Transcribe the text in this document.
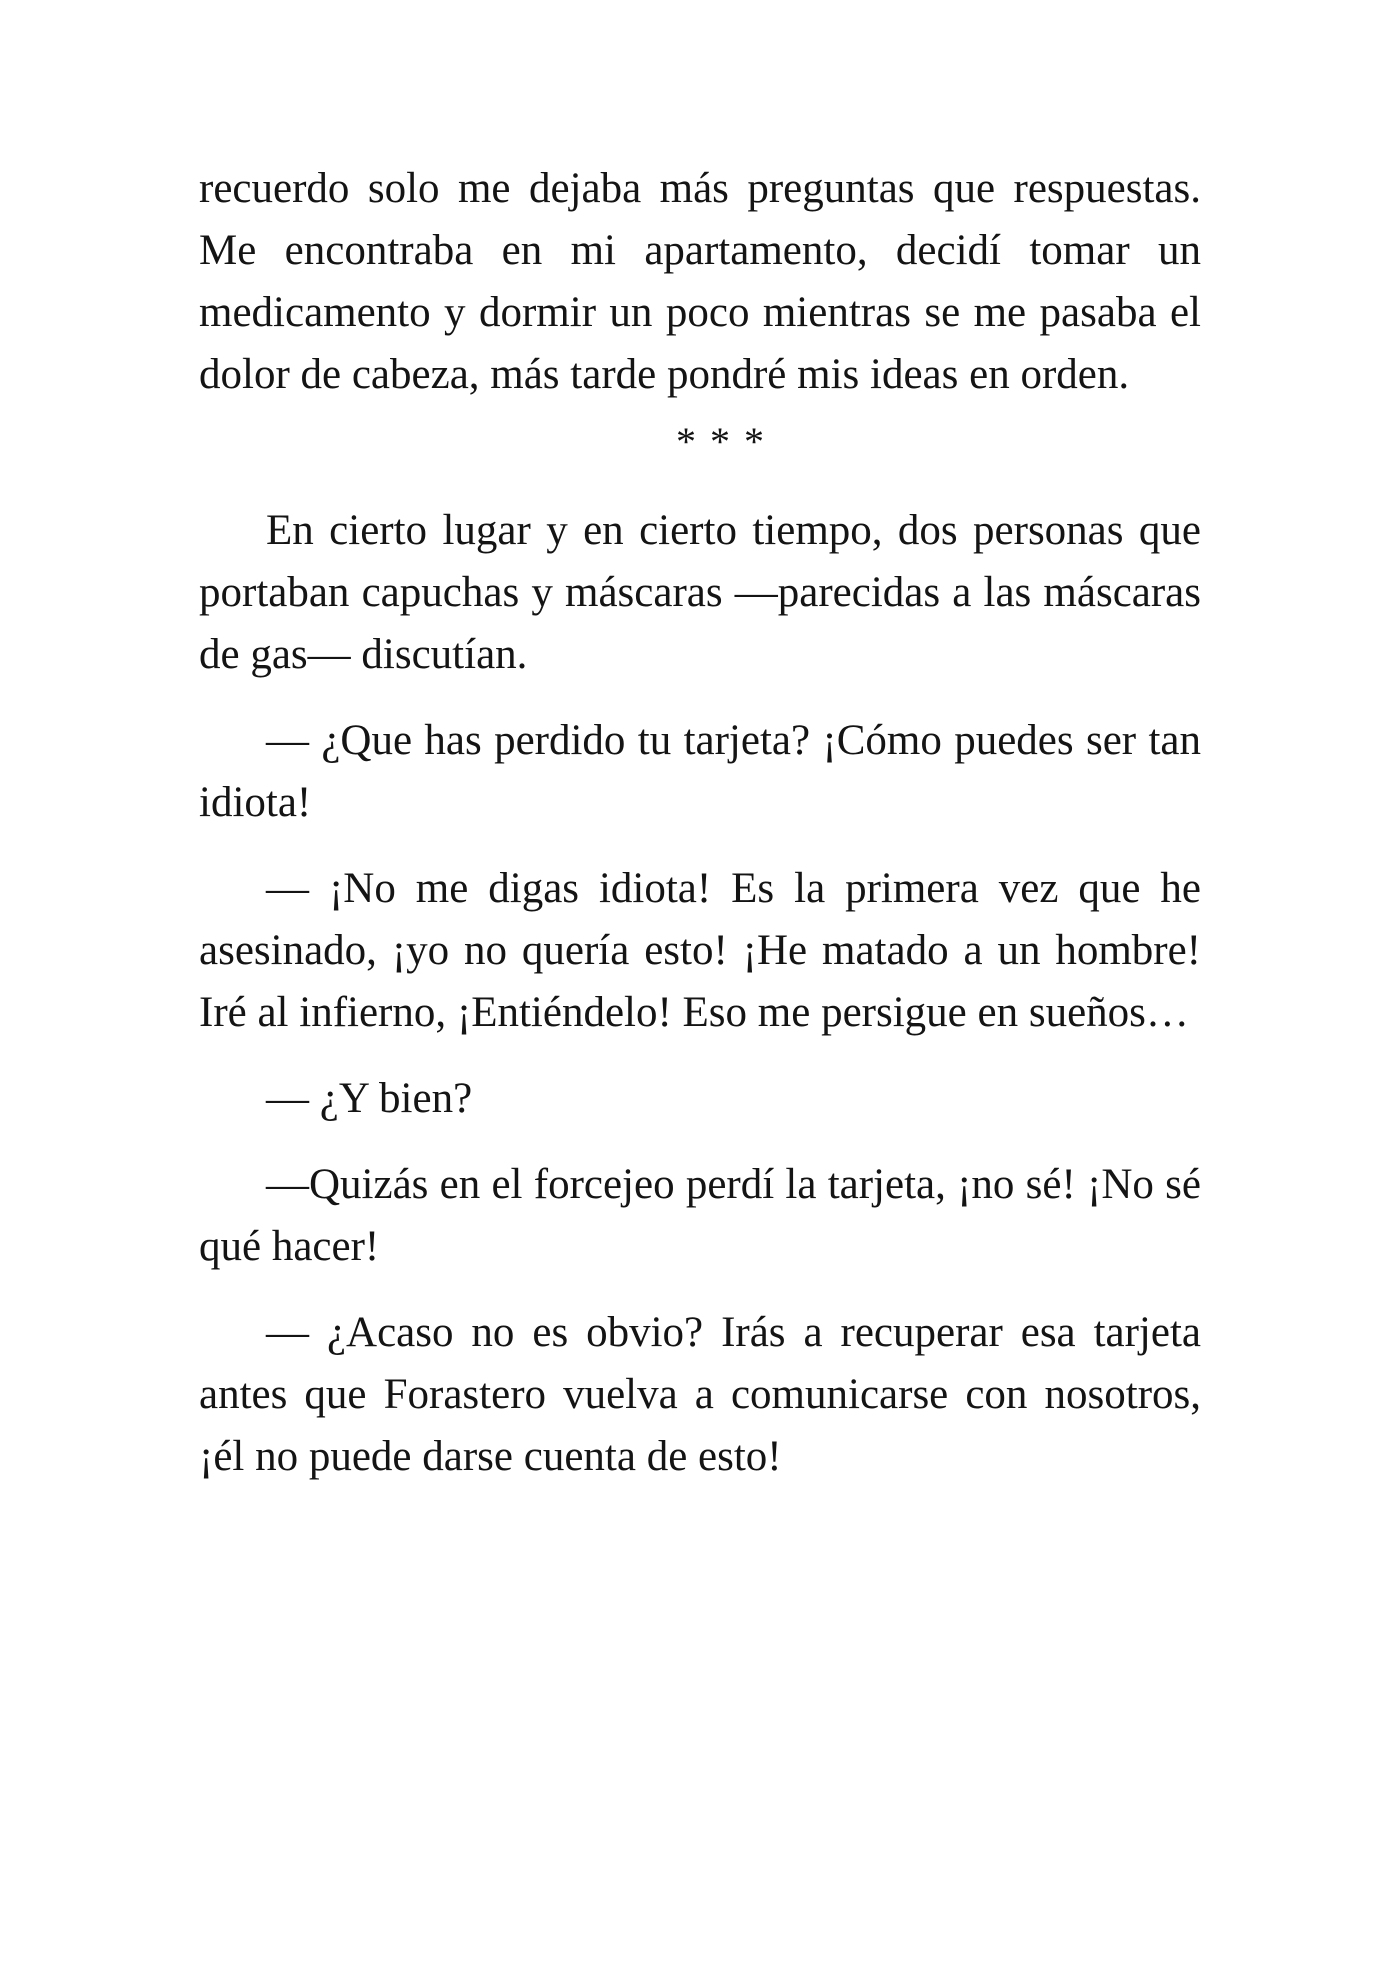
recuerdo solo me dejaba más preguntas que respuestas. Me encontraba en mi apartamento, decidí tomar un medicamento y dormir un poco mientras se me pasaba el dolor de cabeza, más tarde pondré mis ideas en orden.

* * *

En cierto lugar y en cierto tiempo, dos personas que portaban capuchas y máscaras —parecidas a las máscaras de gas— discutían.

— ¿Que has perdido tu tarjeta? ¡Cómo puedes ser tan idiota!

— ¡No me digas idiota! Es la primera vez que he asesinado, ¡yo no quería esto! ¡He matado a un hombre! Iré al infierno, ¡Entiéndelo! Eso me persigue en sueños…

— ¿Y bien?

—Quizás en el forcejeo perdí la tarjeta, ¡no sé! ¡No sé qué hacer!

— ¿Acaso no es obvio? Irás a recuperar esa tarjeta antes que Forastero vuelva a comunicarse con nosotros, ¡él no puede darse cuenta de esto!
